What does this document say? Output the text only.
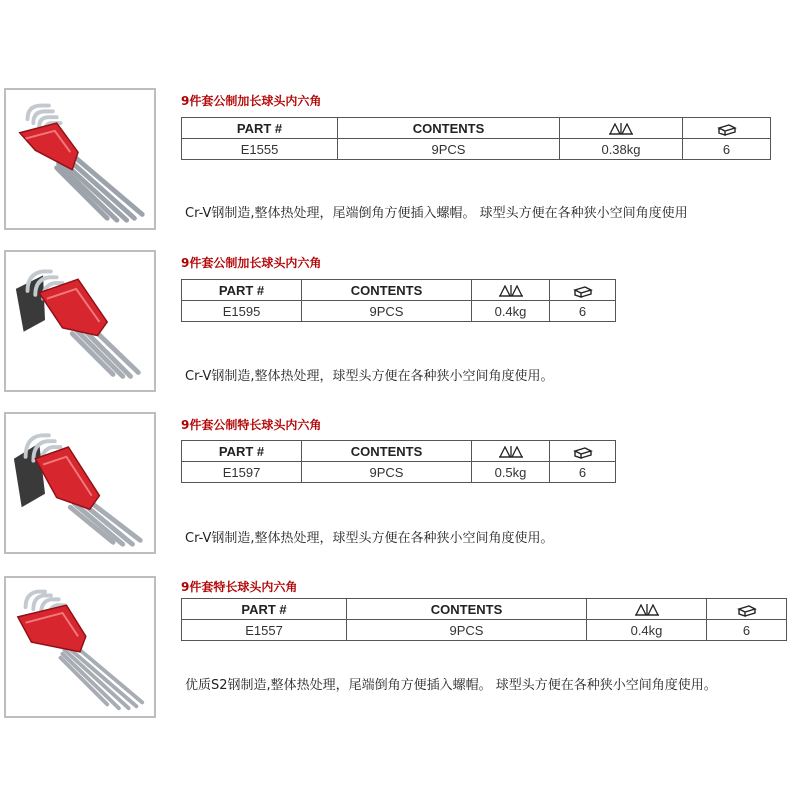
9件套公制加长球头内六角
PART #	CONTENTS		
E1555	9PCS	0.38kg	6
Cr-V钢制造,整体热处理，尾端倒角方便插入螺帽。 球型头方便在各种狭小空间角度使用
9件套公制加长球头内六角
PART #	CONTENTS		
E1595	9PCS	0.4kg	6
Cr-V钢制造,整体热处理，球型头方便在各种狭小空间角度使用。
9件套公制特长球头内六角
PART #	CONTENTS		
E1597	9PCS	0.5kg	6
Cr-V钢制造,整体热处理，球型头方便在各种狭小空间角度使用。
9件套特长球头内六角
PART #	CONTENTS		
E1557	9PCS	0.4kg	6
优质S2钢制造,整体热处理，尾端倒角方便插入螺帽。 球型头方便在各种狭小空间角度使用。
